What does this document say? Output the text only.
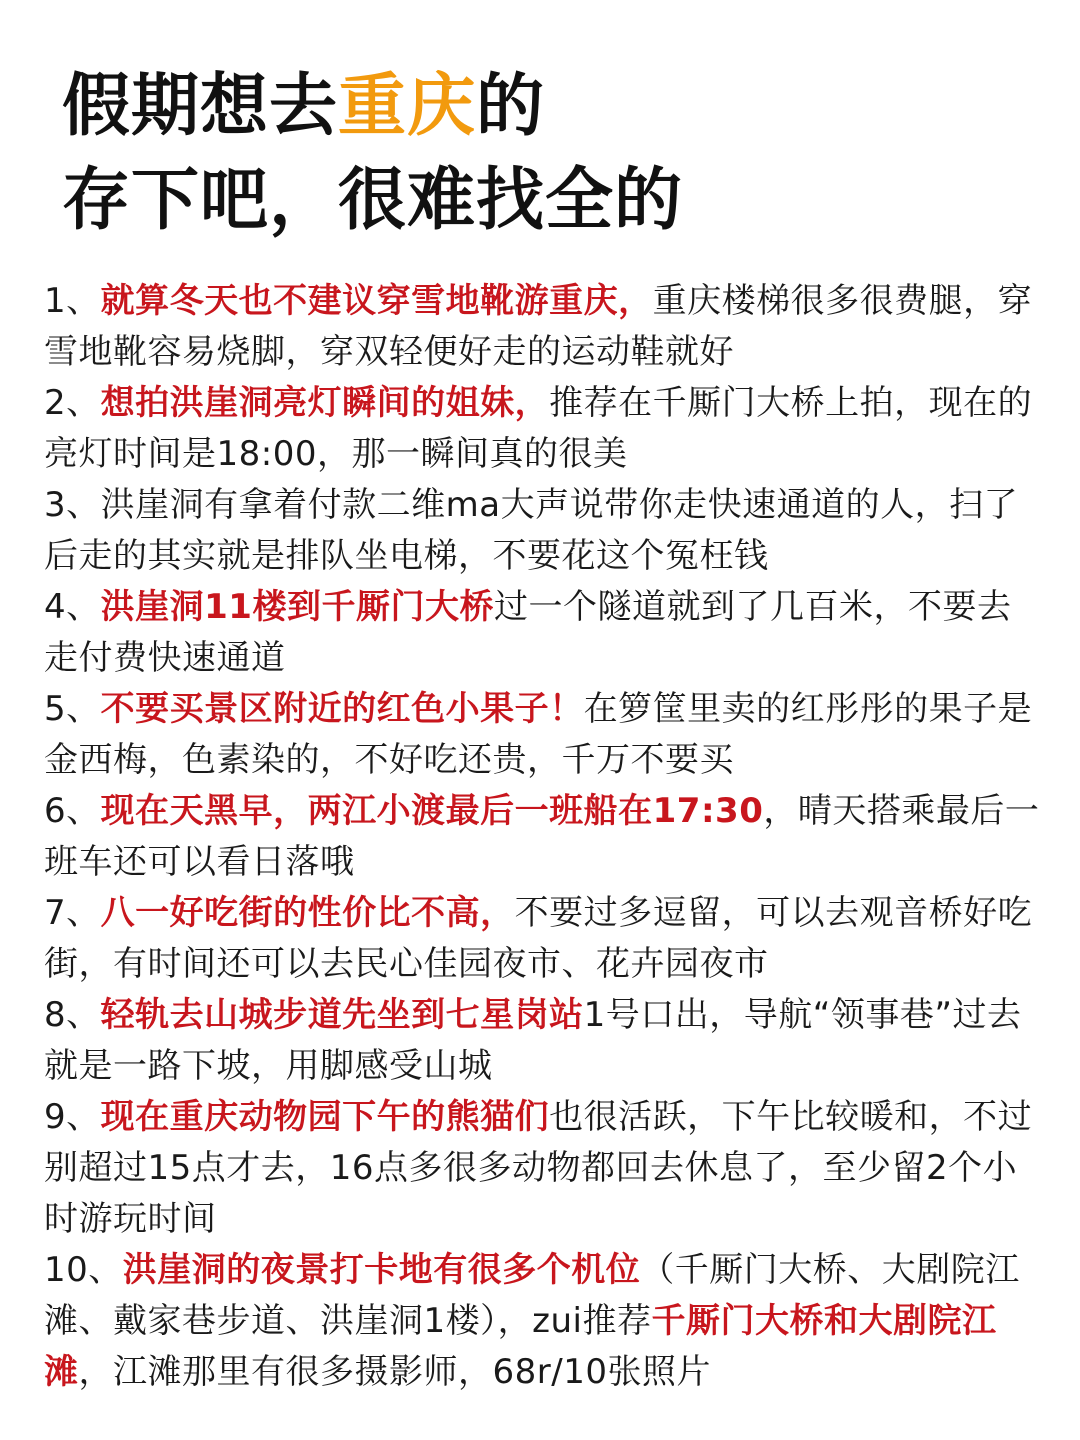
假期想去重庆的
存下吧，很难找全的
1、就算冬天也不建议穿雪地靴游重庆，重庆楼梯很多很费腿，穿雪地靴容易烧脚，穿双轻便好走的运动鞋就好
2、想拍洪崖洞亮灯瞬间的姐妹，推荐在千厮门大桥上拍，现在的亮灯时间是18:00，那一瞬间真的很美
3、洪崖洞有拿着付款二维ma大声说带你走快速通道的人，扫了后走的其实就是排队坐电梯，不要花这个冤枉钱
4、洪崖洞11楼到千厮门大桥过一个隧道就到了几百米，不要去走付费快速通道
5、不要买景区附近的红色小果子！在箩筐里卖的红彤彤的果子是金西梅，色素染的，不好吃还贵，千万不要买
6、现在天黑早，两江小渡最后一班船在17:30，晴天搭乘最后一班车还可以看日落哦
7、八一好吃街的性价比不高，不要过多逗留，可以去观音桥好吃街，有时间还可以去民心佳园夜市、花卉园夜市
8、轻轨去山城步道先坐到七星岗站1号口出，导航“领事巷”过去就是一路下坡，用脚感受山城
9、现在重庆动物园下午的熊猫们也很活跃，下午比较暖和，不过别超过15点才去，16点多很多动物都回去休息了，至少留2个小时游玩时间
10、洪崖洞的夜景打卡地有很多个机位（千厮门大桥、大剧院江滩、戴家巷步道、洪崖洞1楼），zui推荐千厮门大桥和大剧院江滩，江滩那里有很多摄影师，68r/10张照片
